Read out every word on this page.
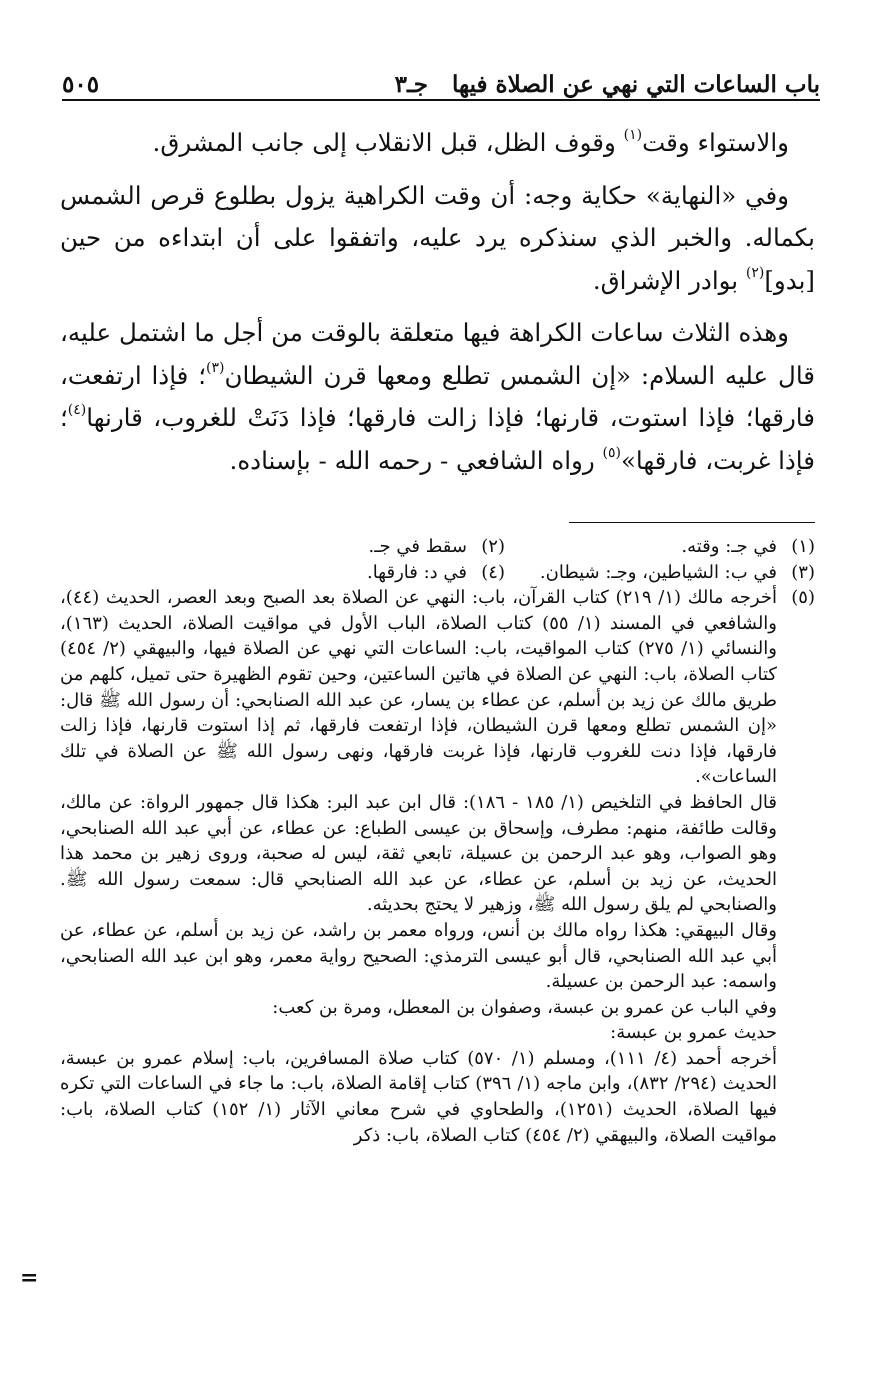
باب الساعات التي نهي عن الصلاة فيها   جـ٣
٥٠٥

والاستواء وقت$^{(١)}$ وقوف الظل، قبل الانقلاب إلى جانب المشرق.

وفي «النهاية» حكاية وجه: أن وقت الكراهية يزول بطلوع قرص الشمس بكماله. والخبر الذي سنذكره يرد عليه، واتفقوا على أن ابتداءه من حين [بدو]$^{(٢)}$ بوادر الإشراق.

وهذه الثلاث ساعات الكراهة فيها متعلقة بالوقت من أجل ما اشتمل عليه، قال عليه السلام: «إن الشمس تطلع ومعها قرن الشيطان$^{(٣)}$؛ فإذا ارتفعت، فارقها؛ فإذا استوت، قارنها؛ فإذا زالت فارقها؛ فإذا دَنَتْ للغروب، قارنها$^{(٤)}$؛ فإذا غربت، فارقها»$^{(٥)}$ رواه الشافعي - رحمه الله - بإسناده.

(١)
في جـ: وقته.
(٢)
سقط في جـ.
(٣)
في ب: الشياطين، وجـ: شيطان.
(٤)
في د: فارقها.
(٥)

أخرجه مالك (١/ ٢١٩) كتاب القرآن، باب: النهي عن الصلاة بعد الصبح وبعد العصر، الحديث (٤٤)، والشافعي في المسند (١/ ٥٥) كتاب الصلاة، الباب الأول في مواقيت الصلاة، الحديث (١٦٣)، والنسائي (١/ ٢٧٥) كتاب المواقيت، باب: الساعات التي نهي عن الصلاة فيها، والبيهقي (٢/ ٤٥٤) كتاب الصلاة، باب: النهي عن الصلاة في هاتين الساعتين، وحين تقوم الظهيرة حتى تميل، كلهم من طريق مالك عن زيد بن أسلم، عن عطاء بن يسار، عن عبد الله الصنابحي: أن رسول الله ﷺ قال: «إن الشمس تطلع ومعها قرن الشيطان، فإذا ارتفعت فارقها، ثم إذا استوت قارنها، فإذا زالت فارقها، فإذا دنت للغروب قارنها، فإذا غربت فارقها، ونهى رسول الله ﷺ عن الصلاة في تلك الساعات».

قال الحافظ في التلخيص (١/ ١٨٥ - ١٨٦): قال ابن عبد البر: هكذا قال جمهور الرواة: عن مالك، وقالت طائفة، منهم: مطرف، وإسحاق بن عيسى الطباع: عن عطاء، عن أبي عبد الله الصنابحي، وهو الصواب، وهو عبد الرحمن بن عسيلة، تابعي ثقة، ليس له صحبة، وروى زهير بن محمد هذا الحديث، عن زيد بن أسلم، عن عطاء، عن عبد الله الصنابحي قال: سمعت رسول الله ﷺ. والصنابحي لم يلق رسول الله ﷺ، وزهير لا يحتج بحديثه.

وقال البيهقي: هكذا رواه مالك بن أنس، ورواه معمر بن راشد، عن زيد بن أسلم، عن عطاء، عن أبي عبد الله الصنابحي، قال أبو عيسى الترمذي: الصحيح رواية معمر، وهو ابن عبد الله الصنابحي، واسمه: عبد الرحمن بن عسيلة.

وفي الباب عن عمرو بن عبسة، وصفوان بن المعطل، ومرة بن كعب:

حديث عمرو بن عبسة:

أخرجه أحمد (٤/ ١١١)، ومسلم (١/ ٥٧٠) كتاب صلاة المسافرين، باب: إسلام عمرو بن عبسة، الحديث (٢٩٤/ ٨٣٢)، وابن ماجه (١/ ٣٩٦) كتاب إقامة الصلاة، باب: ما جاء في الساعات التي تكره فيها الصلاة، الحديث (١٢٥١)، والطحاوي في شرح معاني الآثار (١/ ١٥٢) كتاب الصلاة، باب: مواقيت الصلاة، والبيهقي (٢/ ٤٥٤) كتاب الصلاة، باب: ذكر

=
